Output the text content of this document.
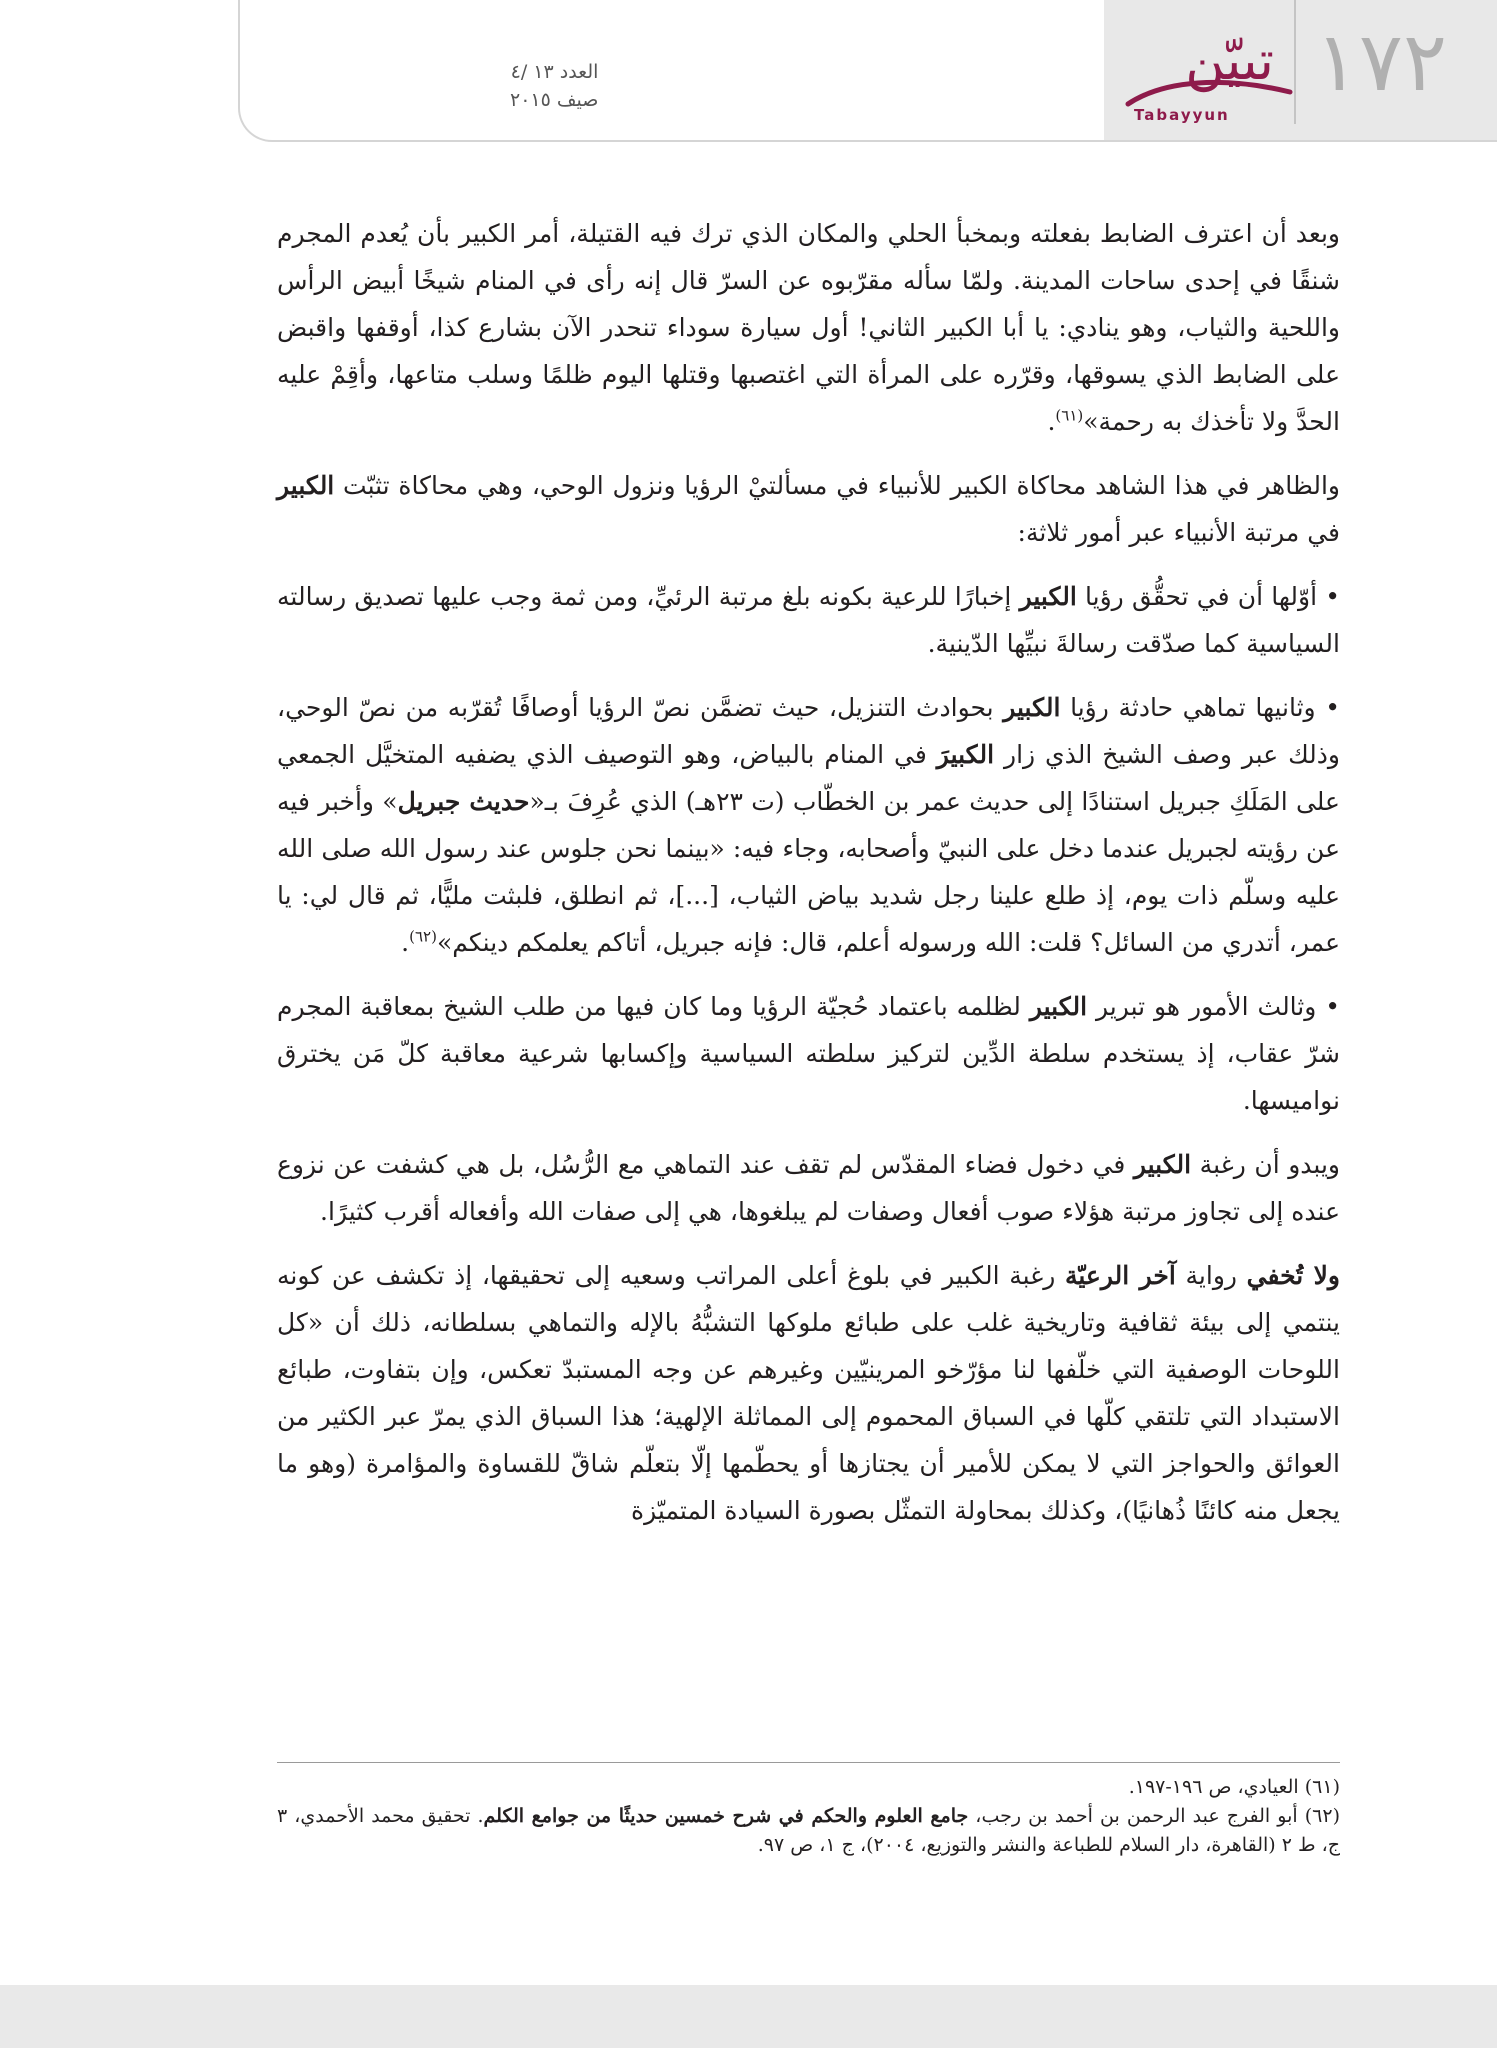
العدد ١٣ /٤
صيف ٢٠١٥
تبيّن
Tabayyun
١٧٢

وبعد أن اعترف الضابط بفعلته وبمخبأ الحلي والمكان الذي ترك فيه القتيلة، أمر الكبير بأن يُعدم المجرم شنقًا في إحدى ساحات المدينة. ولمّا سأله مقرّبوه عن السرّ قال إنه رأى في المنام شيخًا أبيض الرأس واللحية والثياب، وهو ينادي: يا أبا الكبير الثاني! أول سيارة سوداء تنحدر الآن بشارع كذا، أوقفها واقبض على الضابط الذي يسوقها، وقرّره على المرأة التي اغتصبها وقتلها اليوم ظلمًا وسلب متاعها، وأقِمْ عليه الحدَّ ولا تأخذك به رحمة»$^{(٦١)}$.

والظاهر في هذا الشاهد محاكاة الكبير للأنبياء في مسألتيْ الرؤيا ونزول الوحي، وهي محاكاة تثبّت الكبير في مرتبة الأنبياء عبر أمور ثلاثة:

• أوّلها أن في تحقُّق رؤيا الكبير إخبارًا للرعية بكونه بلغ مرتبة الرئيِّ، ومن ثمة وجب عليها تصديق رسالته السياسية كما صدّقت رسالةَ نبيِّها الدّينية.

• وثانيها تماهي حادثة رؤيا الكبير بحوادث التنزيل، حيث تضمَّن نصّ الرؤيا أوصافًا تُقرّبه من نصّ الوحي، وذلك عبر وصف الشيخ الذي زار الكبيرَ في المنام بالبياض، وهو التوصيف الذي يضفيه المتخيَّل الجمعي على المَلَكِ جبريل استنادًا إلى حديث عمر بن الخطّاب (ت ٢٣هـ) الذي عُرِفَ بـ«حديث جبريل» وأخبر فيه عن رؤيته لجبريل عندما دخل على النبيّ وأصحابه، وجاء فيه: «بينما نحن جلوس عند رسول الله صلى الله عليه وسلّم ذات يوم، إذ طلع علينا رجل شديد بياض الثياب، [...]، ثم انطلق، فلبثت مليًّا، ثم قال لي: يا عمر، أتدري من السائل؟ قلت: الله ورسوله أعلم، قال: فإنه جبريل، أتاكم يعلمكم دينكم»$^{(٦٢)}$.

• وثالث الأمور هو تبرير الكبير لظلمه باعتماد حُجيّة الرؤيا وما كان فيها من طلب الشيخ بمعاقبة المجرم شرّ عقاب، إذ يستخدم سلطة الدِّين لتركيز سلطته السياسية وإكسابها شرعية معاقبة كلّ مَن يخترق نواميسها.

ويبدو أن رغبة الكبير في دخول فضاء المقدّس لم تقف عند التماهي مع الرُّسُل، بل هي كشفت عن نزوع عنده إلى تجاوز مرتبة هؤلاء صوب أفعال وصفات لم يبلغوها، هي إلى صفات الله وأفعاله أقرب كثيرًا.

ولا تُخفي رواية آخر الرعيّة رغبة الكبير في بلوغ أعلى المراتب وسعيه إلى تحقيقها، إذ تكشف عن كونه ينتمي إلى بيئة ثقافية وتاريخية غلب على طبائع ملوكها التشبُّهُ بالإله والتماهي بسلطانه، ذلك أن «كل اللوحات الوصفية التي خلّفها لنا مؤرّخو المرينيّين وغيرهم عن وجه المستبدّ تعكس، وإن بتفاوت، طبائع الاستبداد التي تلتقي كلّها في السباق المحموم إلى المماثلة الإلهية؛ هذا السباق الذي يمرّ عبر الكثير من العوائق والحواجز التي لا يمكن للأمير أن يجتازها أو يحطّمها إلّا بتعلّم شاقّ للقساوة والمؤامرة (وهو ما يجعل منه كائنًا ذُهانيًا)، وكذلك بمحاولة التمثّل بصورة السيادة المتميّزة

(٦١) العيادي، ص ١٩٦-١٩٧.

(٦٢) أبو الفرج عبد الرحمن بن أحمد بن رجب، جامع العلوم والحكم في شرح خمسين حديثًا من جوامع الكلم. تحقيق محمد الأحمدي، ٣ ج، ط ٢ (القاهرة، دار السلام للطباعة والنشر والتوزيع، ٢٠٠٤)، ج ١، ص ٩٧.
